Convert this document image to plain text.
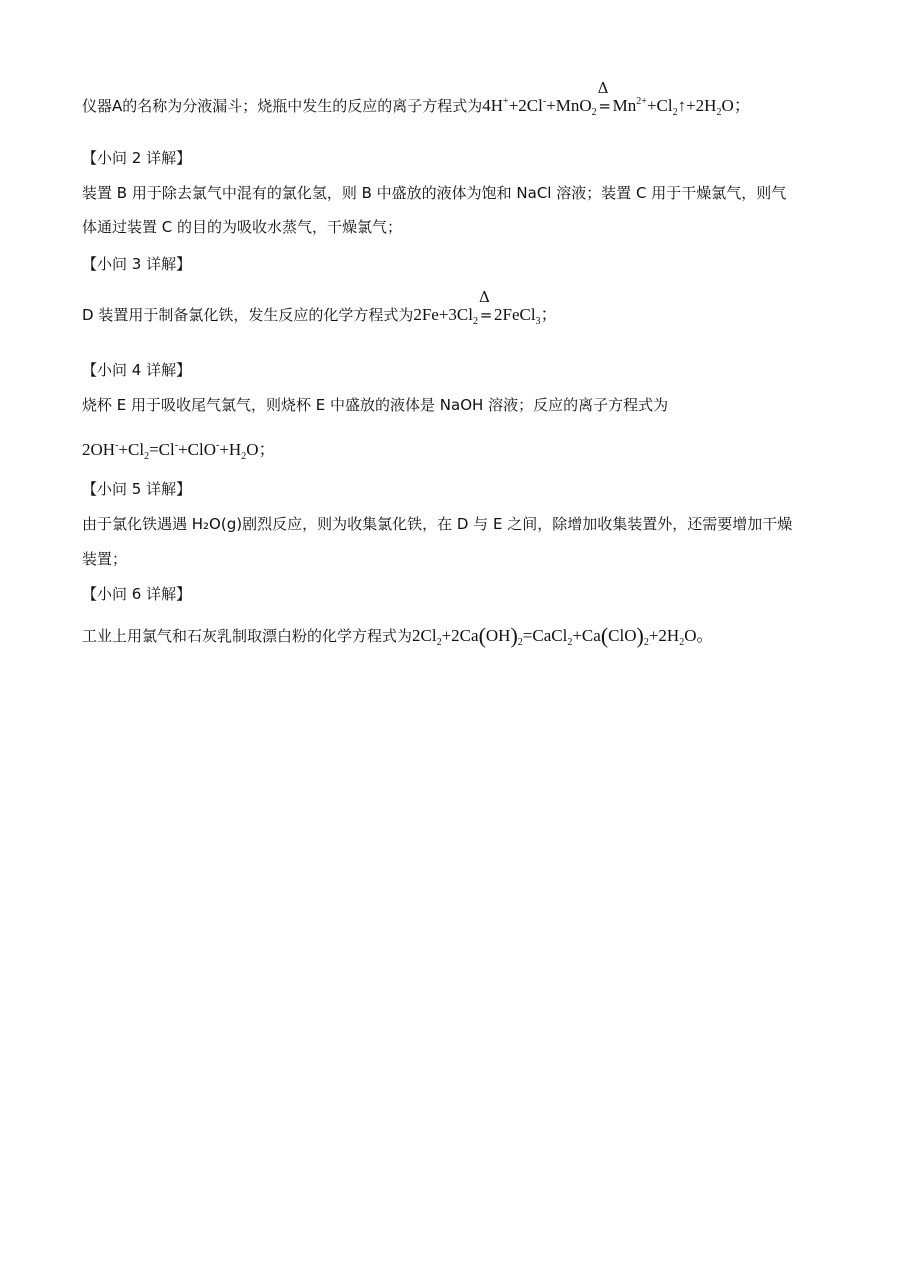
仪器A的名称为分液漏斗；烧瓶中发生的反应的离子方程式为4H++2Cl-+MnO$_2$
Δ
= $Mn^{2+}+Cl_2↑+2H_2O$；
【小问 2 详解】
装置 B 用于除去氯气中混有的氯化氢，则 B 中盛放的液体为饱和 NaCl 溶液；装置 C 用于干燥氯气，则气
体通过装置 C 的目的为吸收水蒸气，干燥氯气；
【小问 3 详解】
D 装置用于制备氯化铁，发生反应的化学方程式为$2Fe+3Cl_2$
Δ
= 2FeCl$_3$；
【小问 4 详解】
烧杯 E 用于吸收尾气氯气，则烧杯 E 中盛放的液体是 NaOH 溶液；反应的离子方程式为
$2OH^-+Cl_2=Cl^-+ClO^-+H_2O$；
【小问 5 详解】
由于氯化铁遇遇 H₂O(g)剧烈反应，则为收集氯化铁，在 D 与 E 之间，除增加收集装置外，还需要增加干燥
装置；
【小问 6 详解】
工业上用氯气和石灰乳制取漂白粉的化学方程式为$2Cl_2+2Ca(OH)_2=CaCl_2+Ca(ClO)_2+2H_2O$。
